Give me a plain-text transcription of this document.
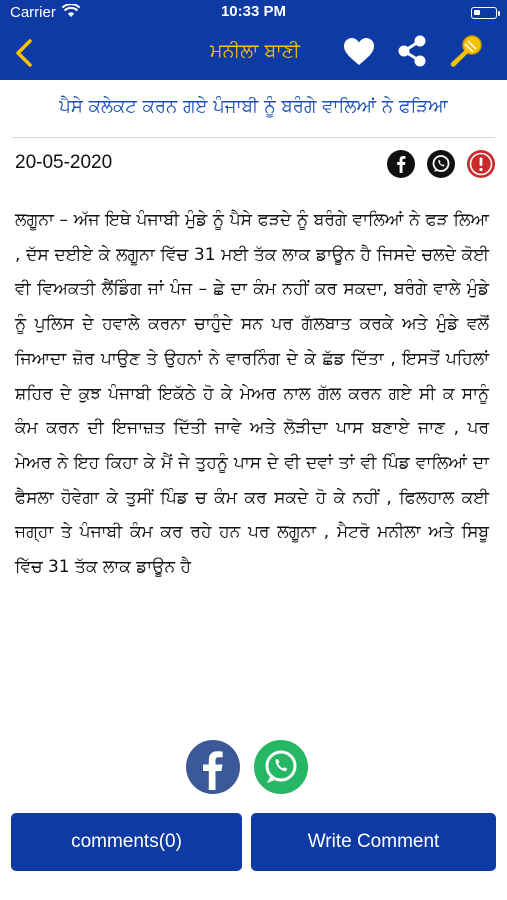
Carrier	10:33 PM
ਮਨੀਲਾ ਬਾਣੀ
ਪੈਸੇ ਕਲੇਕਟ ਕਰਨ ਗਏ ਪੰਜਾਬੀ ਨੂੰ ਬਰੰਗੇ ਵਾਲਿਆਂ ਨੇ ਫੜਿਆ
20-05-2020

ਲਗੂਨਾ – ਅੱਜ ਇਥੇ ਪੰਜਾਬੀ ਮੁੰਡੇ ਨੂੰ ਪੈਸੇ ਫੜਦੇ ਨੂੰ ਬਰੰਗੇ ਵਾਲਿਆਂ ਨੇ ਫੜ ਲਿਆ , ਦੱਸ ਦਈਏ ਕੇ ਲਗੂਨਾ ਵਿੱਚ 31 ਮਈ ਤੱਕ ਲਾਕ ਡਾਊਨ ਹੈ ਜਿਸਦੇ ਚਲਦੇ ਕੋਈ ਵੀ ਵਿਅਕਤੀ ਲੈਂਡਿੰਗ ਜਾਂ ਪੰਜ – ਛੇ ਦਾ ਕੰਮ ਨਹੀਂ ਕਰ ਸਕਦਾ, ਬਰੰਗੇ ਵਾਲੇ ਮੁੰਡੇ ਨੂੰ ਪੁਲਿਸ ਦੇ ਹਵਾਲੇ ਕਰਨਾ ਚਾਹੁੰਦੇ ਸਨ ਪਰ ਗੱਲਬਾਤ ਕਰਕੇ ਅਤੇ ਮੁੰਡੇ ਵਲੋਂ ਜਿਆਦਾ ਜ਼ੋਰ ਪਾਉਣ ਤੇ ਉਹਨਾਂ ਨੇ ਵਾਰਨਿੰਗ ਦੇ ਕੇ ਛੱਡ ਦਿੱਤਾ , ਇਸਤੋਂ ਪਹਿਲਾਂ ਸ਼ਹਿਰ ਦੇ ਕੁਝ ਪੰਜਾਬੀ ਇਕੱਠੇ ਹੋ ਕੇ ਮੇਅਰ ਨਾਲ ਗੱਲ ਕਰਨ ਗਏ ਸੀ ਕ ਸਾਨੂੰ ਕੰਮ ਕਰਨ ਦੀ ਇਜਾਜ਼ਤ ਦਿੱਤੀ ਜਾਵੇ ਅਤੇ ਲੋੜੀਦਾ ਪਾਸ ਬਣਾਏ ਜਾਣ , ਪਰ ਮੇਅਰ ਨੇ ਇਹ ਕਿਹਾ ਕੇ ਮੈਂ ਜੇ ਤੁਹਨੂੰ ਪਾਸ ਦੇ ਵੀ ਦਵਾਂ ਤਾਂ ਵੀ ਪਿੰਡ ਵਾਲਿਆਂ ਦਾ ਫੈਸਲਾ ਹੋਵੇਗਾ ਕੇ ਤੁਸੀਂ ਪਿੰਡ ਚ ਕੰਮ ਕਰ ਸਕਦੇ ਹੋ ਕੇ ਨਹੀਂ , ਫਿਲਹਾਲ ਕਈ ਜਗ੍ਹਾ ਤੇ ਪੰਜਾਬੀ ਕੰਮ ਕਰ ਰਹੇ ਹਨ ਪਰ ਲਗੂਨਾ , ਮੈਟਰੋ ਮਨੀਲਾ ਅਤੇ ਸਿਬੂ ਵਿੱਚ 31 ਤੱਕ ਲਾਕ ਡਾਊਨ ਹੈ

comments(0)	Write Comment
